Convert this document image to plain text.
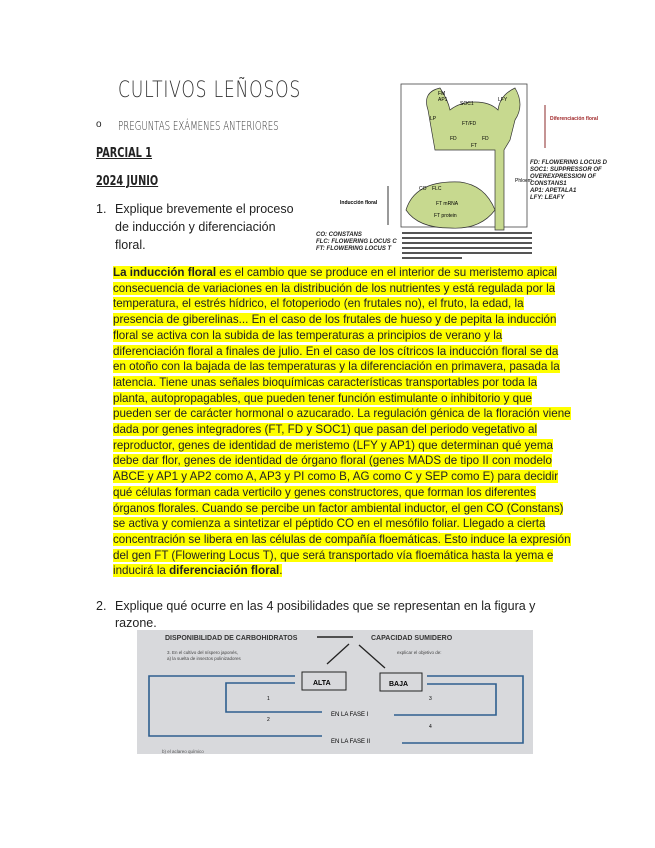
CULTIVOS LEÑOSOS
o PREGUNTAS EXÁMENES ANTERIORES
PARCIAL 1
2024 JUNIO
1. Explique brevemente el proceso
de inducción y diferenciación
floral.
FM
AP1
SOC1
LFY
LP
FT/FD
FD	FD
FT
Phloem
CO FLC
FT mRNA
FT protein
Diferenciación floral
Inducción floral
FD: FLOWERING LOCUS D
SOC1: SUPPRESSOR OF OVEREXPRESSION OF CONSTANS1
AP1: APETALA1
LFY: LEAFY
CO: CONSTANS
FLC: FLOWERING LOCUS C
FT: FLOWERING LOCUS T
La inducción floral es el cambio que se produce en el interior de su meristemo apical
consecuencia de variaciones en la distribución de los nutrientes y está regulada por la
temperatura, el estrés hídrico, el fotoperiodo (en frutales no), el fruto, la edad, la
presencia de giberelinas... En el caso de los frutales de hueso y de pepita la inducción
floral se activa con la subida de las temperaturas a principios de verano y la
diferenciación floral a finales de julio. En el caso de los cítricos la inducción floral se da
en otoño con la bajada de las temperaturas y la diferenciación en primavera, pasada la
latencia. Tiene unas señales bioquímicas características transportables por toda la
planta, autopropagables, que pueden tener función estimulante o inhibitorio y que
pueden ser de carácter hormonal o azucarado. La regulación génica de la floración viene
dada por genes integradores (FT, FD y SOC1) que pasan del periodo vegetativo al
reproductor, genes de identidad de meristemo (LFY y AP1) que determinan qué yema
debe dar flor, genes de identidad de órgano floral (genes MADS de tipo II con modelo
ABCE y AP1 y AP2 como A, AP3 y PI como B, AG como C y SEP como E) para decidir
qué células forman cada verticilo y genes constructores, que forman los diferentes
órganos florales. Cuando se percibe un factor ambiental inductor, el gen CO (Constans)
se activa y comienza a sintetizar el péptido CO en el mesófilo foliar. Llegado a cierta
concentración se libera en las células de compañía floemáticas. Esto induce la expresión
del gen FT (Flowering Locus T), que será transportado vía floemática hasta la yema e
inducirá la diferenciación floral.
2. Explique qué ocurre en las 4 posibilidades que se representan en la figura y
razone.
DISPONIBILIDAD DE CARBOHIDRATOS	CAPACIDAD SUMIDERO
3. En el cultivo del níspero japonés,
a) la suelta de insectos polinizadores
explicar el objetivo de:
ALTA	BAJA
1
2
3
4
EN LA FASE I
EN LA FASE II
b) el aclareo químico
